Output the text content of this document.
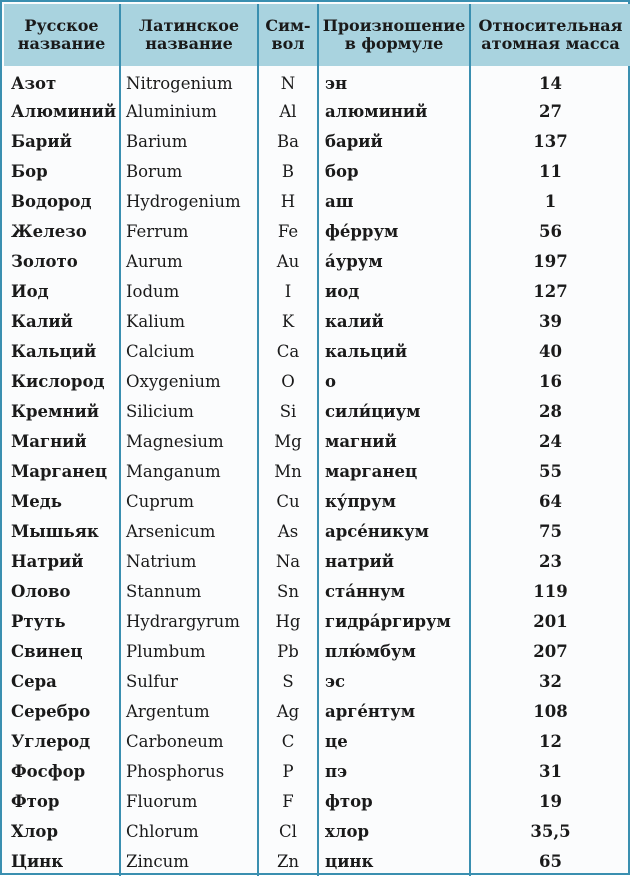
Русское название	Латинское название	Сим- вол	Произношение в формуле	Относительная атомная масса
Азот	Nitrogenium	N	эн	14
Алюминий	Aluminium	Al	алюминий	27
Барий	Barium	Ba	барий	137
Бор	Borum	B	бор	11
Водород	Hydrogenium	H	аш	1
Железо	Ferrum	Fe	фе́ррум	56
Золото	Aurum	Au	а́урум	197
Иод	Iodum	I	иод	127
Калий	Kalium	K	калий	39
Кальций	Calcium	Ca	кальций	40
Кислород	Oxygenium	O	о	16
Кремний	Silicium	Si	сили́циум	28
Магний	Magnesium	Mg	магний	24
Марганец	Manganum	Mn	марганец	55
Медь	Cuprum	Cu	ку́прум	64
Мышьяк	Arsenicum	As	арсе́никум	75
Натрий	Natrium	Na	натрий	23
Олово	Stannum	Sn	ста́ннум	119
Ртуть	Hydrargyrum	Hg	гидра́ргирум	201
Свинец	Plumbum	Pb	плю́мбум	207
Сера	Sulfur	S	эс	32
Серебро	Argentum	Ag	арге́нтум	108
Углерод	Carboneum	C	це	12
Фосфор	Phosphorus	P	пэ	31
Фтор	Fluorum	F	фтор	19
Хлор	Chlorum	Cl	хлор	35,5
Цинк	Zincum	Zn	цинк	65
